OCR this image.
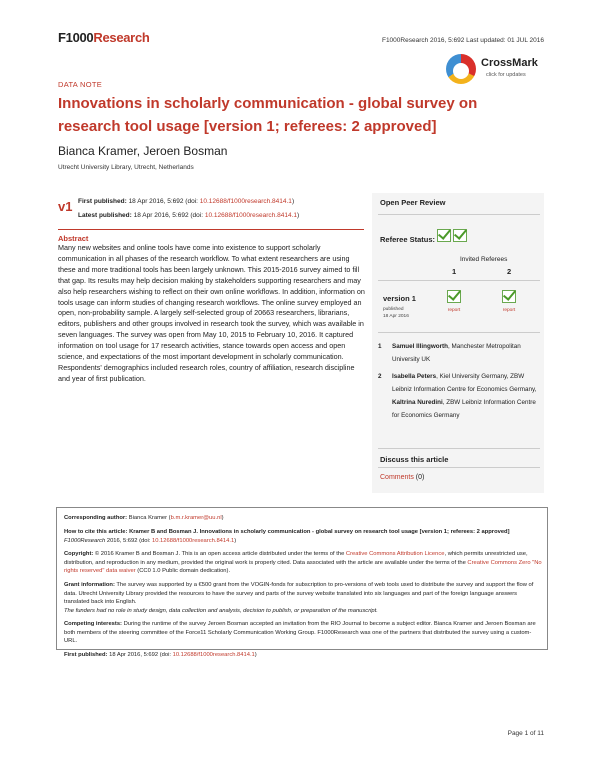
F1000Research	F1000Research 2016, 5:692 Last updated: 01 JUL 2016
CrossMark
click for updates
DATA NOTE
Innovations in scholarly communication - global survey on research tool usage [version 1; referees: 2 approved]
Bianca Kramer, Jeroen Bosman
Utrecht University Library, Utrecht, Netherlands
v1 First published: 18 Apr 2016, 5:692 (doi: 10.12688/f1000research.8414.1)
Latest published: 18 Apr 2016, 5:692 (doi: 10.12688/f1000research.8414.1)
Abstract
Many new websites and online tools have come into existence to support scholarly communication in all phases of the research workflow. To what extent researchers are using these and more traditional tools has been largely unknown. This 2015-2016 survey aimed to fill that gap. Its results may help decision making by stakeholders supporting researchers and may also help researchers wishing to reflect on their own online workflows. In addition, information on tools usage can inform studies of changing research workflows. The online survey employed an open, non-probability sample. A largely self-selected group of 20663 researchers, librarians, editors, publishers and other groups involved in research took the survey, which was available in seven languages. The survey was open from May 10, 2015 to February 10, 2016. It captured information on tool usage for 17 research activities, stance towards open access and open science, and expectations of the most important development in scholarly communication. Respondents' demographics included research roles, country of affiliation, research discipline and year of first publication.
Open Peer Review
Referee Status:
Invited Referees
1	2
version 1
published
18 Apr 2016
report	report
1	Samuel Illingworth, Manchester Metropolitan University UK
2	Isabella Peters, Kiel University Germany, ZBW Leibniz Information Centre for Economics Germany, Kaltrina Nuredini, ZBW Leibniz Information Centre for Economics Germany
Discuss this article
Comments (0)
Corresponding author: Bianca Kramer (b.m.r.kramer@uu.nl)
How to cite this article: Kramer B and Bosman J. Innovations in scholarly communication - global survey on research tool usage [version 1; referees: 2 approved] F1000Research 2016, 5:692 (doi: 10.12688/f1000research.8414.1)
Copyright: © 2016 Kramer B and Bosman J. This is an open access article distributed under the terms of the Creative Commons Attribution Licence, which permits unrestricted use, distribution, and reproduction in any medium, provided the original work is properly cited. Data associated with the article are available under the terms of the Creative Commons Zero "No rights reserved" data waiver (CC0 1.0 Public domain dedication).
Grant information: The survey was supported by a €500 grant from the VOGIN-fonds for subscription to pro-versions of web tools used to distribute the survey and support the flow of data. Utrecht University Library provided the resources to have the survey and parts of the survey website translated into six languages and part of the foreign language answers translated back into English.
The funders had no role in study design, data collection and analysis, decision to publish, or preparation of the manuscript.
Competing interests: During the runtime of the survey Jeroen Bosman accepted an invitation from the RIO Journal to become a subject editor. Bianca Kramer and Jeroen Bosman are both members of the steering committee of the Force11 Scholarly Communication Working Group. F1000Research was one of the partners that distributed the survey using a custom-URL.
First published: 18 Apr 2016, 5:692 (doi: 10.12688/f1000research.8414.1)
Page 1 of 11
